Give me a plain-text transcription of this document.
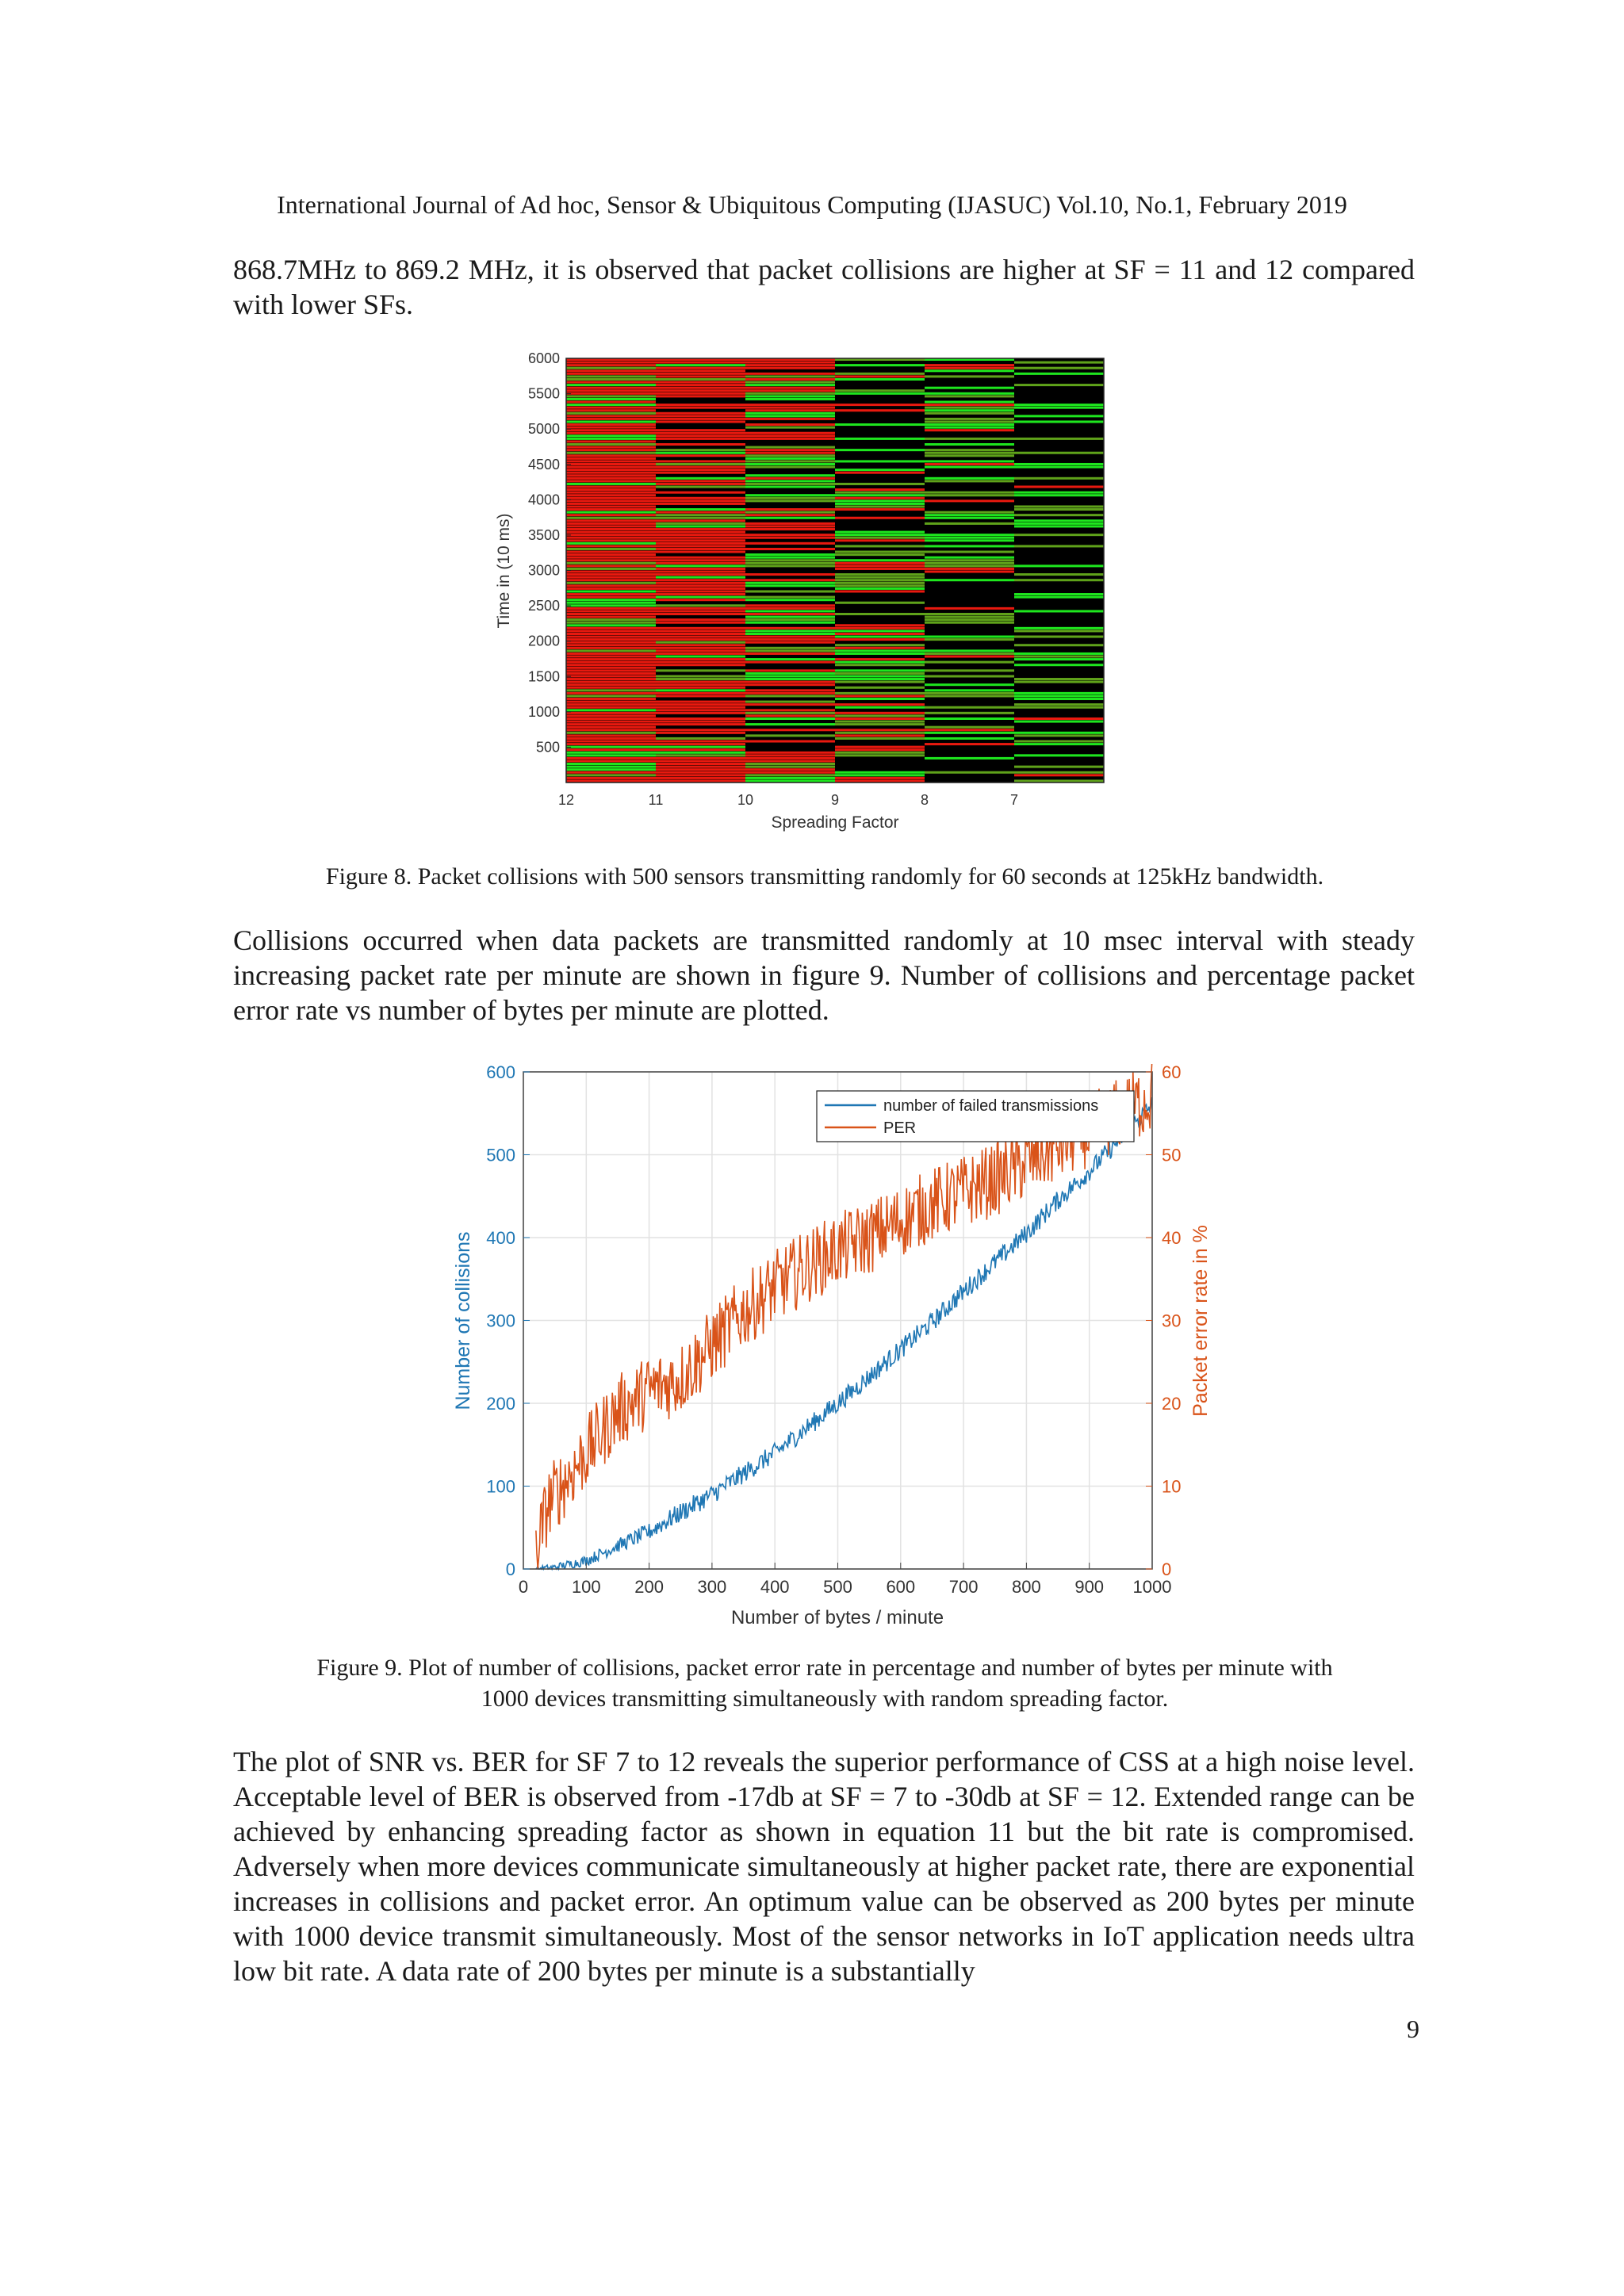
International Journal of Ad hoc, Sensor & Ubiquitous Computing (IJASUC) Vol.10, No.1, February 2019

868.7MHz to 869.2 MHz, it is observed that packet collisions are higher at SF = 11 and 12 compared with lower SFs.

500
1000
1500
2000
2500
3000
3500
4000
4500
5000
5500
6000
12	11	10	9	8	7
Spreading Factor
Time in (10 ms)

Figure 8. Packet collisions with 500 sensors transmitting randomly for 60 seconds at 125kHz bandwidth.

Collisions occurred when data packets are transmitted randomly at 10 msec interval with steady increasing packet rate per minute are shown in figure 9. Number of collisions and percentage packet error rate vs number of bytes per minute are plotted.

0 100 200 300 400 500 600 700 800 900 1000
0
100
200
300
400
500
600
0
10
20
30
40
50
60
Number of bytes / minute
Number of collisions	Packet error rate in %
number of failed transmissions
PER

Figure 9. Plot of number of collisions, packet error rate in percentage and number of bytes per minute with

1000 devices transmitting simultaneously with random spreading factor.

The plot of SNR vs. BER for SF 7 to 12 reveals the superior performance of CSS at a high noise level. Acceptable level of BER is observed from -17db at SF = 7 to -30db at SF = 12. Extended range can be achieved by enhancing spreading factor as shown in equation 11 but the bit rate is compromised. Adversely when more devices communicate simultaneously at higher packet rate, there are exponential increases in collisions and packet error. An optimum value can be observed as 200 bytes per minute with 1000 device transmit simultaneously. Most of the sensor networks in IoT application needs ultra low bit rate. A data rate of 200 bytes per minute is a substantially

9
